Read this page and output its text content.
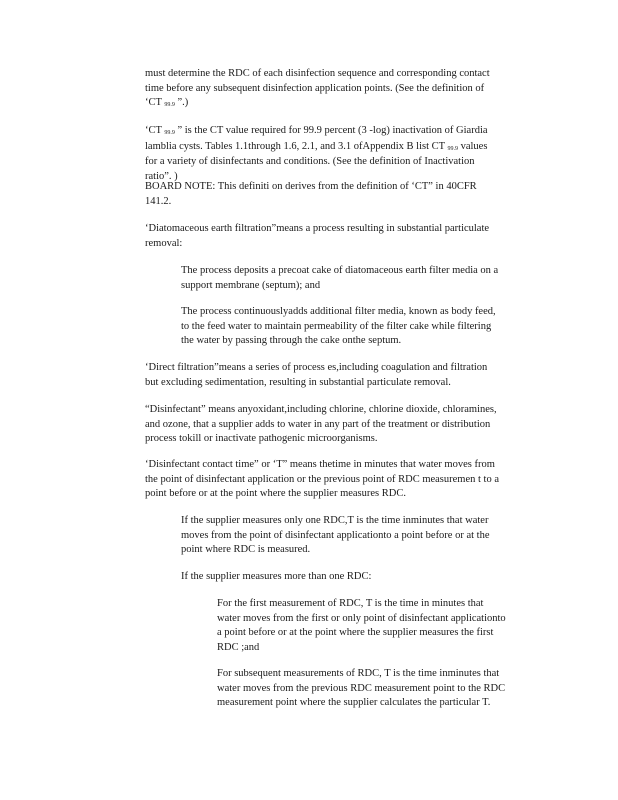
must determine the RDC of each disinfection sequence and corresponding contact
time before any subsequent disinfection application points. (See the definition of
‘CT 99.9 ”.)
‘CT 99.9 ” is the CT value required for 99.9 percent (3 -log) inactivation of Giardia
lamblia cysts. Tables 1.1through 1.6, 2.1, and 3.1 ofAppendix B list CT 99.9 values
for a variety of disinfectants and conditions. (See the definition of Inactivation
ratio”. )
BOARD NOTE: This definiti on derives from the definition of ‘CT” in 40CFR
141.2.
‘Diatomaceous earth filtration”means a process resulting in substantial particulate
removal:
The process deposits a precoat cake of diatomaceous earth filter media on a
support membrane (septum); and
The process continuouslyadds additional filter media, known as body feed,
to the feed water to maintain permeability of the filter cake while filtering
the water by passing through the cake onthe septum.
‘Direct filtration”means a series of process es,including coagulation and filtration
but excluding sedimentation, resulting in substantial particulate removal.
“Disinfectant” means anyoxidant,including chlorine, chlorine dioxide, chloramines,
and ozone, that a supplier adds to water in any part of the treatment or distribution
process tokill or inactivate pathogenic microorganisms.
‘Disinfectant contact time” or ‘T” means thetime in minutes that water moves from
the point of disinfectant application or the previous point of RDC measuremen t to a
point before or at the point where the supplier measures RDC.
If the supplier measures only one RDC,T is the time inminutes that water
moves from the point of disinfectant applicationto a point before or at the
point where RDC is measured.
If the supplier measures more than one RDC:
For the first measurement of RDC, T is the time in minutes that
water moves from the first or only point of disinfectant applicationto
a point before or at the point where the supplier measures the first
RDC ;and
For subsequent measurements of RDC, T is the time inminutes that
water moves from the previous RDC measurement point to the RDC
measurement point where the supplier calculates the particular T.
